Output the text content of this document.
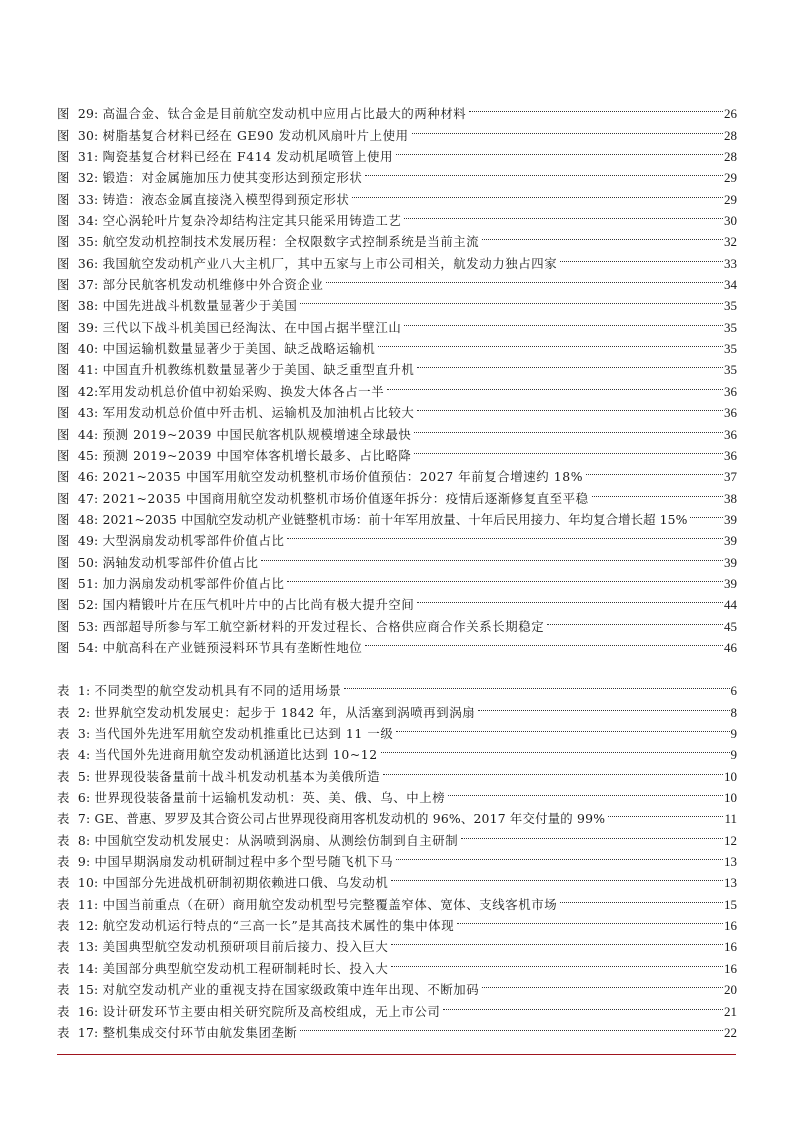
图 29: 高温合金、钛合金是目前航空发动机中应用占比最大的两种材料	26
图 30: 树脂基复合材料已经在 GE90 发动机风扇叶片上使用	28
图 31: 陶瓷基复合材料已经在 F414 发动机尾喷管上使用	28
图 32: 锻造：对金属施加压力使其变形达到预定形状	29
图 33: 铸造：液态金属直接浇入模型得到预定形状	29
图 34: 空心涡轮叶片复杂冷却结构注定其只能采用铸造工艺	30
图 35: 航空发动机控制技术发展历程：全权限数字式控制系统是当前主流	32
图 36: 我国航空发动机产业八大主机厂，其中五家与上市公司相关，航发动力独占四家	33
图 37: 部分民航客机发动机维修中外合资企业	34
图 38: 中国先进战斗机数量显著少于美国	35
图 39: 三代以下战斗机美国已经淘汰、在中国占据半壁江山	35
图 40: 中国运输机数量显著少于美国、缺乏战略运输机	35
图 41: 中国直升机教练机数量显著少于美国、缺乏重型直升机	35
图 42: 军用发动机总价值中初始采购、换发大体各占一半	36
图 43: 军用发动机总价值中歼击机、运输机及加油机占比较大	36
图 44: 预测 2019~2039 中国民航客机队规模增速全球最快	36
图 45: 预测 2019~2039 中国窄体客机增长最多、占比略降	36
图 46: 2021~2035 中国军用航空发动机整机市场价值预估：2027 年前复合增速约 18%	37
图 47: 2021~2035 中国商用航空发动机整机市场价值逐年拆分：疫情后逐渐修复直至平稳	38
图 48: 2021~2035 中国航空发动机产业链整机市场：前十年军用放量、十年后民用接力、年均复合增长超 15%	39
图 49: 大型涡扇发动机零部件价值占比	39
图 50: 涡轴发动机零部件价值占比	39
图 51: 加力涡扇发动机零部件价值占比	39
图 52: 国内精锻叶片在压气机叶片中的占比尚有极大提升空间	44
图 53: 西部超导所参与军工航空新材料的开发过程长、合格供应商合作关系长期稳定	45
图 54: 中航高科在产业链预浸料环节具有垄断性地位	46
表 1: 不同类型的航空发动机具有不同的适用场景	6
表 2: 世界航空发动机发展史：起步于 1842 年，从活塞到涡喷再到涡扇	8
表 3: 当代国外先进军用航空发动机推重比已达到 11 一级	9
表 4: 当代国外先进商用航空发动机涵道比达到 10~12	9
表 5: 世界现役装备量前十战斗机发动机基本为美俄所造	10
表 6: 世界现役装备量前十运输机发动机：英、美、俄、乌、中上榜	10
表 7: GE、普惠、罗罗及其合资公司占世界现役商用客机发动机的 96%、2017 年交付量的 99%	11
表 8: 中国航空发动机发展史：从涡喷到涡扇、从测绘仿制到自主研制	12
表 9: 中国早期涡扇发动机研制过程中多个型号随飞机下马	13
表 10: 中国部分先进战机研制初期依赖进口俄、乌发动机	13
表 11: 中国当前重点（在研）商用航空发动机型号完整覆盖窄体、宽体、支线客机市场	15
表 12: 航空发动机运行特点的“三高一长”是其高技术属性的集中体现	16
表 13: 美国典型航空发动机预研项目前后接力、投入巨大	16
表 14: 美国部分典型航空发动机工程研制耗时长、投入大	16
表 15: 对航空发动机产业的重视支持在国家级政策中连年出现、不断加码	20
表 16: 设计研发环节主要由相关研究院所及高校组成，无上市公司	21
表 17: 整机集成交付环节由航发集团垄断	22
